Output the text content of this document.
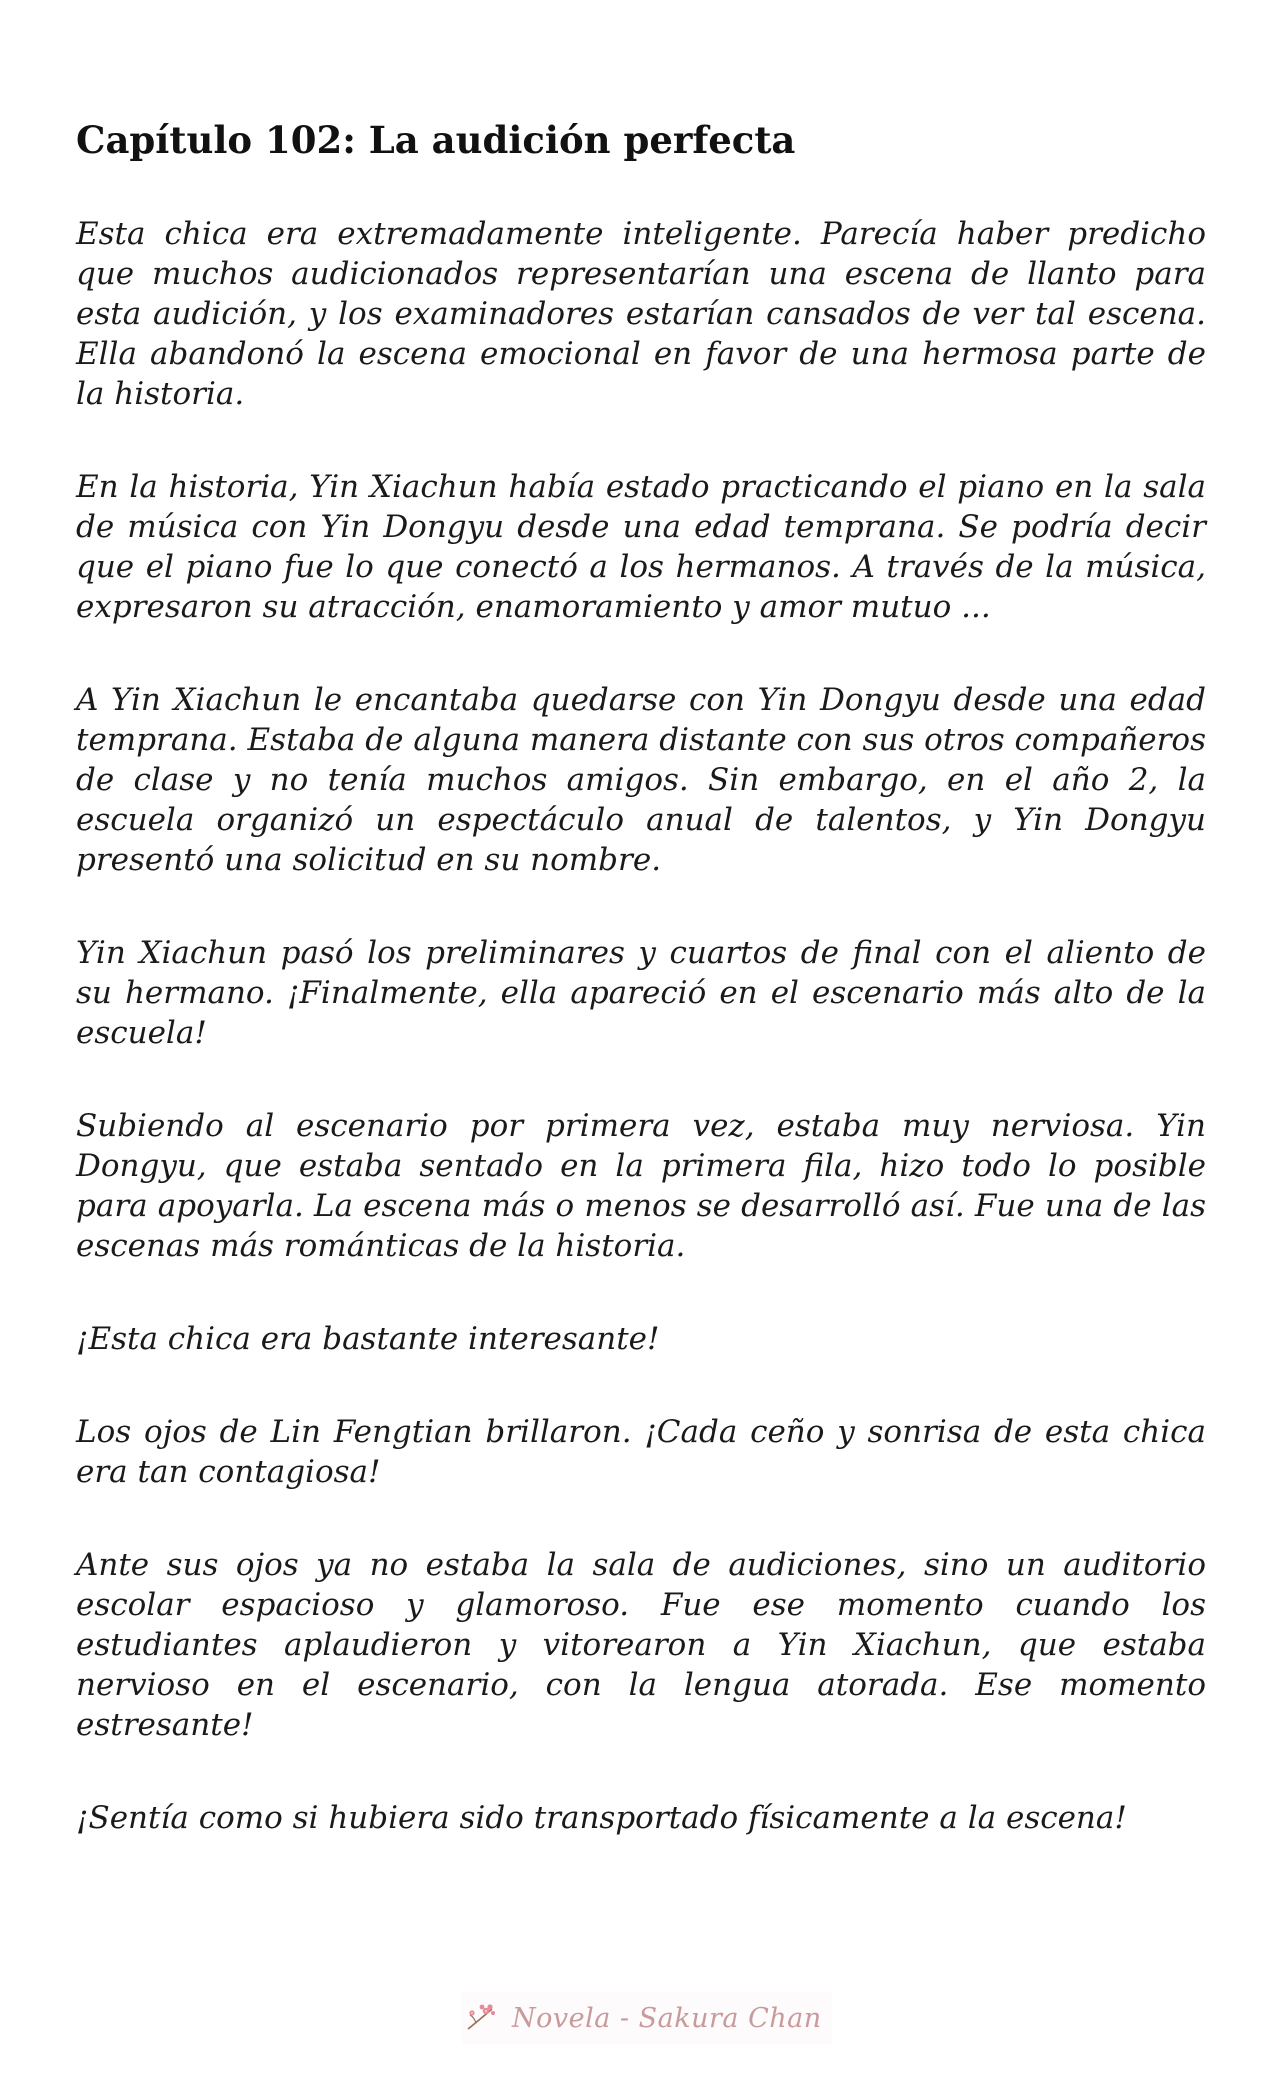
Capítulo 102: La audición perfecta

Esta chica era extremadamente inteligente. Parecía haber predicho que muchos audicionados representarían una escena de llanto para esta audición, y los examinadores estarían cansados de ver tal escena. Ella abandonó la escena emocional en favor de una hermosa parte de la historia.

En la historia, Yin Xiachun había estado practicando el piano en la sala de música con Yin Dongyu desde una edad temprana. Se podría decir que el piano fue lo que conectó a los hermanos. A través de la música, expresaron su atracción, enamoramiento y amor mutuo ...

A Yin Xiachun le encantaba quedarse con Yin Dongyu desde una edad temprana. Estaba de alguna manera distante con sus otros compañeros de clase y no tenía muchos amigos. Sin embargo, en el año 2, la escuela organizó un espectáculo anual de talentos, y Yin Dongyu presentó una solicitud en su nombre.

Yin Xiachun pasó los preliminares y cuartos de final con el aliento de su hermano. ¡Finalmente, ella apareció en el escenario más alto de la escuela!

Subiendo al escenario por primera vez, estaba muy nerviosa. Yin Dongyu, que estaba sentado en la primera fila, hizo todo lo posible para apoyarla. La escena más o menos se desarrolló así. Fue una de las escenas más románticas de la historia.

¡Esta chica era bastante interesante!

Los ojos de Lin Fengtian brillaron. ¡Cada ceño y sonrisa de esta chica era tan contagiosa!

Ante sus ojos ya no estaba la sala de audiciones, sino un auditorio escolar espacioso y glamoroso. Fue ese momento cuando los estudiantes aplaudieron y vitorearon a Yin Xiachun, que estaba nervioso en el escenario, con la lengua atorada. Ese momento estresante!

¡Sentía como si hubiera sido transportado físicamente a la escena!

Novela - Sakura Chan
